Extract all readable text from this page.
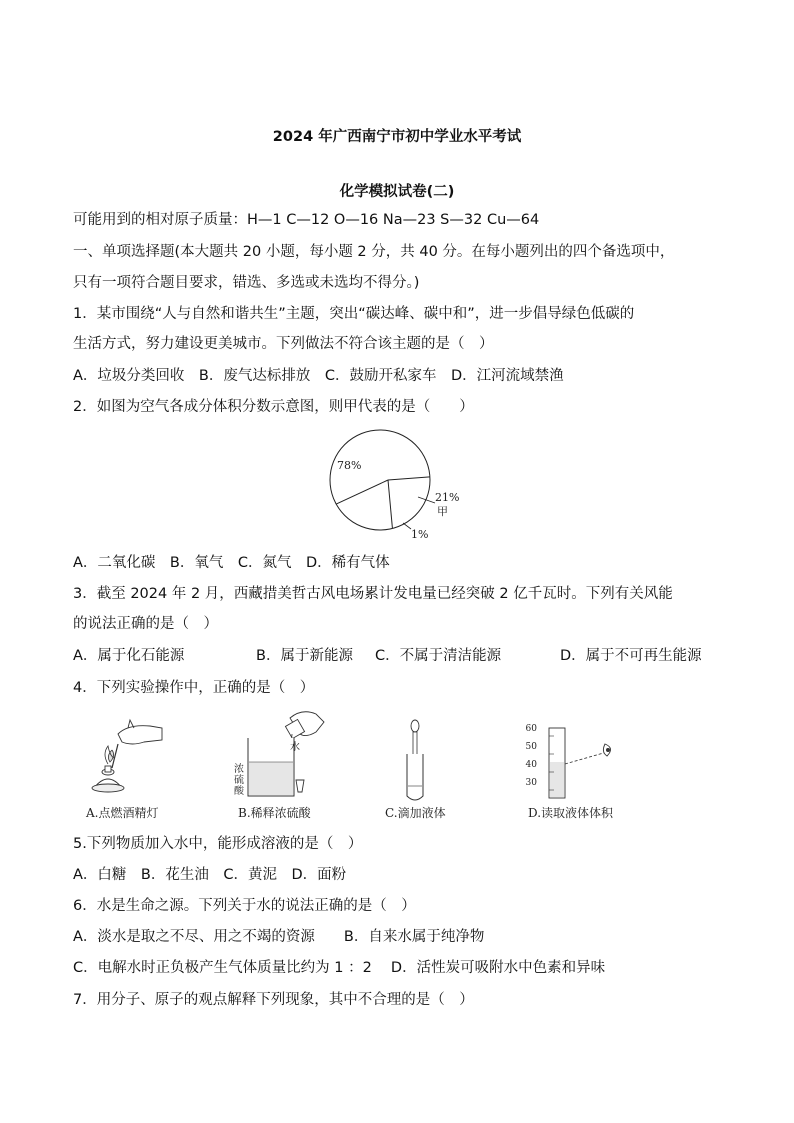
2024 年广西南宁市初中学业水平考试
化学模拟试卷(二)
可能用到的相对原子质量：H—1 C—12 O—16 Na—23 S—32 Cu—64
一、单项选择题(本大题共 20 小题，每小题 2 分，共 40 分。在每小题列出的四个备选项中，
只有一项符合题目要求，错选、多选或未选均不得分。)
1．某市围绕“人与自然和谐共生”主题，突出“碳达峰、碳中和”，进一步倡导绿色低碳的
生活方式，努力建设更美城市。下列做法不符合该主题的是（　）
A．垃圾分类回收　B．废气达标排放　C．鼓励开私家车　D．江河流域禁渔
2．如图为空气各成分体积分数示意图，则甲代表的是（　　）
78%
21%
甲
1%
A．二氧化碳　B．氧气　C．氮气　D．稀有气体
3．截至 2024 年 2 月，西藏措美哲古风电场累计发电量已经突破 2 亿千瓦时。下列有关风能
的说法正确的是（　）
A．属于化石能源	B．属于新能源 C．不属于清洁能源	D．属于不可再生能源
4．下列实验操作中，正确的是（　）
A.点燃酒精灯
浓
硫
酸
水
B.稀释浓硫酸	C.滴加液体
60
50
40
30
D.读取液体体积
5.下列物质加入水中，能形成溶液的是（　）
A．白糖　B．花生油　C．黄泥　D．面粉
6．水是生命之源。下列关于水的说法正确的是（　）
A．淡水是取之不尽、用之不竭的资源　　B．自来水属于纯净物
C．电解水时正负极产生气体质量比约为 1 ：2　 D．活性炭可吸附水中色素和异味
7．用分子、原子的观点解释下列现象，其中不合理的是（　）
